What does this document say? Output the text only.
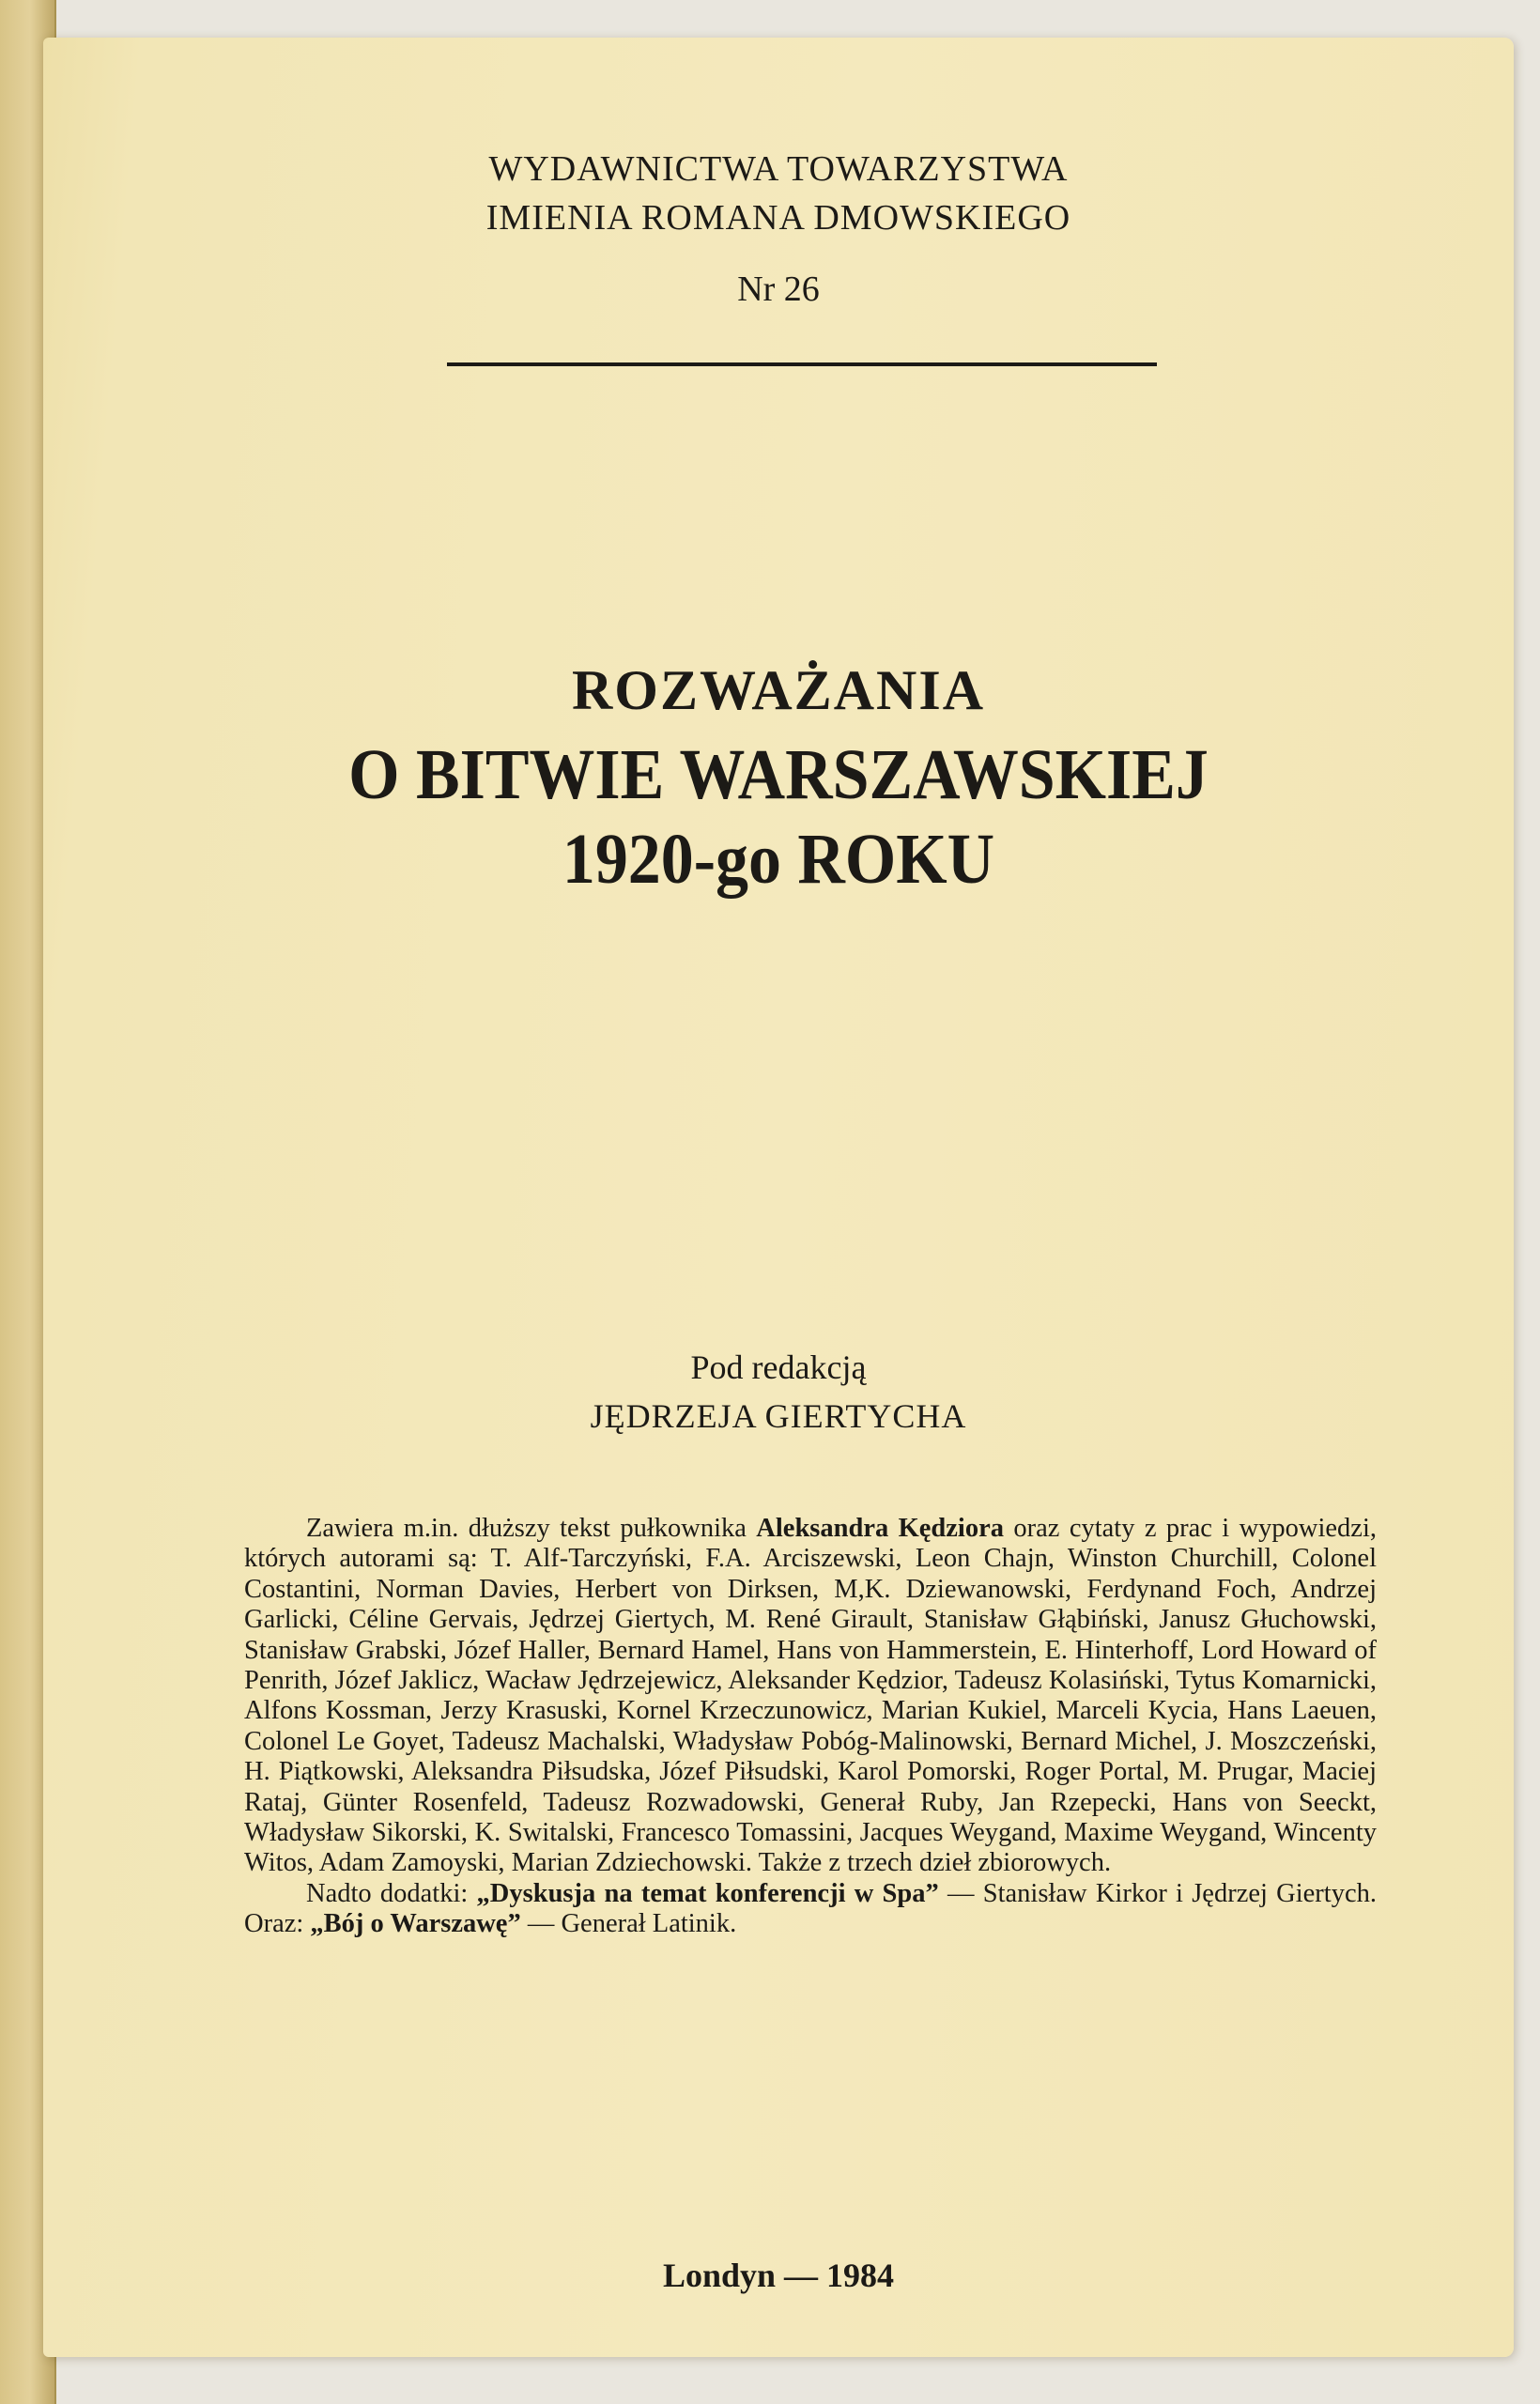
WYDAWNICTWA TOWARZYSTWA
IMIENIA ROMANA DMOWSKIEGO
Nr 26
ROZWAŻANIA
O BITWIE WARSZAWSKIEJ
1920-go ROKU
Pod redakcją
JĘDRZEJA GIERTYCHA

Zawiera m.in. dłuższy tekst pułkownika Aleksandra Kędziora oraz cytaty z prac i wypowiedzi, których autorami są: T. Alf-Tarczyński, F.A. Arciszewski, Leon Chajn, Winston Churchill, Colonel Costantini, Norman Davies, Herbert von Dirksen, M,K. Dziewanowski, Ferdynand Foch, Andrzej Garlicki, Céline Gervais, Jędrzej Giertych, M. René Girault, Stanisław Głąbiński, Janusz Głuchowski, Stanisław Grabski, Józef Haller, Bernard Hamel, Hans von Hammerstein, E. Hinterhoff, Lord Howard of Penrith, Józef Jaklicz, Wacław Jędrzejewicz, Aleksander Kędzior, Tadeusz Kolasiński, Tytus Komarnicki, Alfons Kossman, Jerzy Krasuski, Kornel Krzeczunowicz, Marian Kukiel, Marceli Kycia, Hans Laeuen, Colonel Le Goyet, Tadeusz Machalski, Władysław Pobóg-Malinowski, Bernard Michel, J. Moszczeński, H. Piątkowski, Aleksandra Piłsudska, Józef Piłsudski, Karol Pomorski, Roger Portal, M. Prugar, Maciej Rataj, Günter Rosenfeld, Tadeusz Rozwadowski, Generał Ruby, Jan Rzepecki, Hans von Seeckt, Władysław Sikorski, K. Switalski, Francesco Tomassini, Jacques Weygand, Maxime Weygand, Wincenty Witos, Adam Zamoyski, Marian Zdziechowski. Także z trzech dzieł zbiorowych.

Nadto dodatki: „Dyskusja na temat konferencji w Spa” — Stanisław Kirkor i Jędrzej Giertych. Oraz: „Bój o Warszawę” — Generał Latinik.

Londyn — 1984
